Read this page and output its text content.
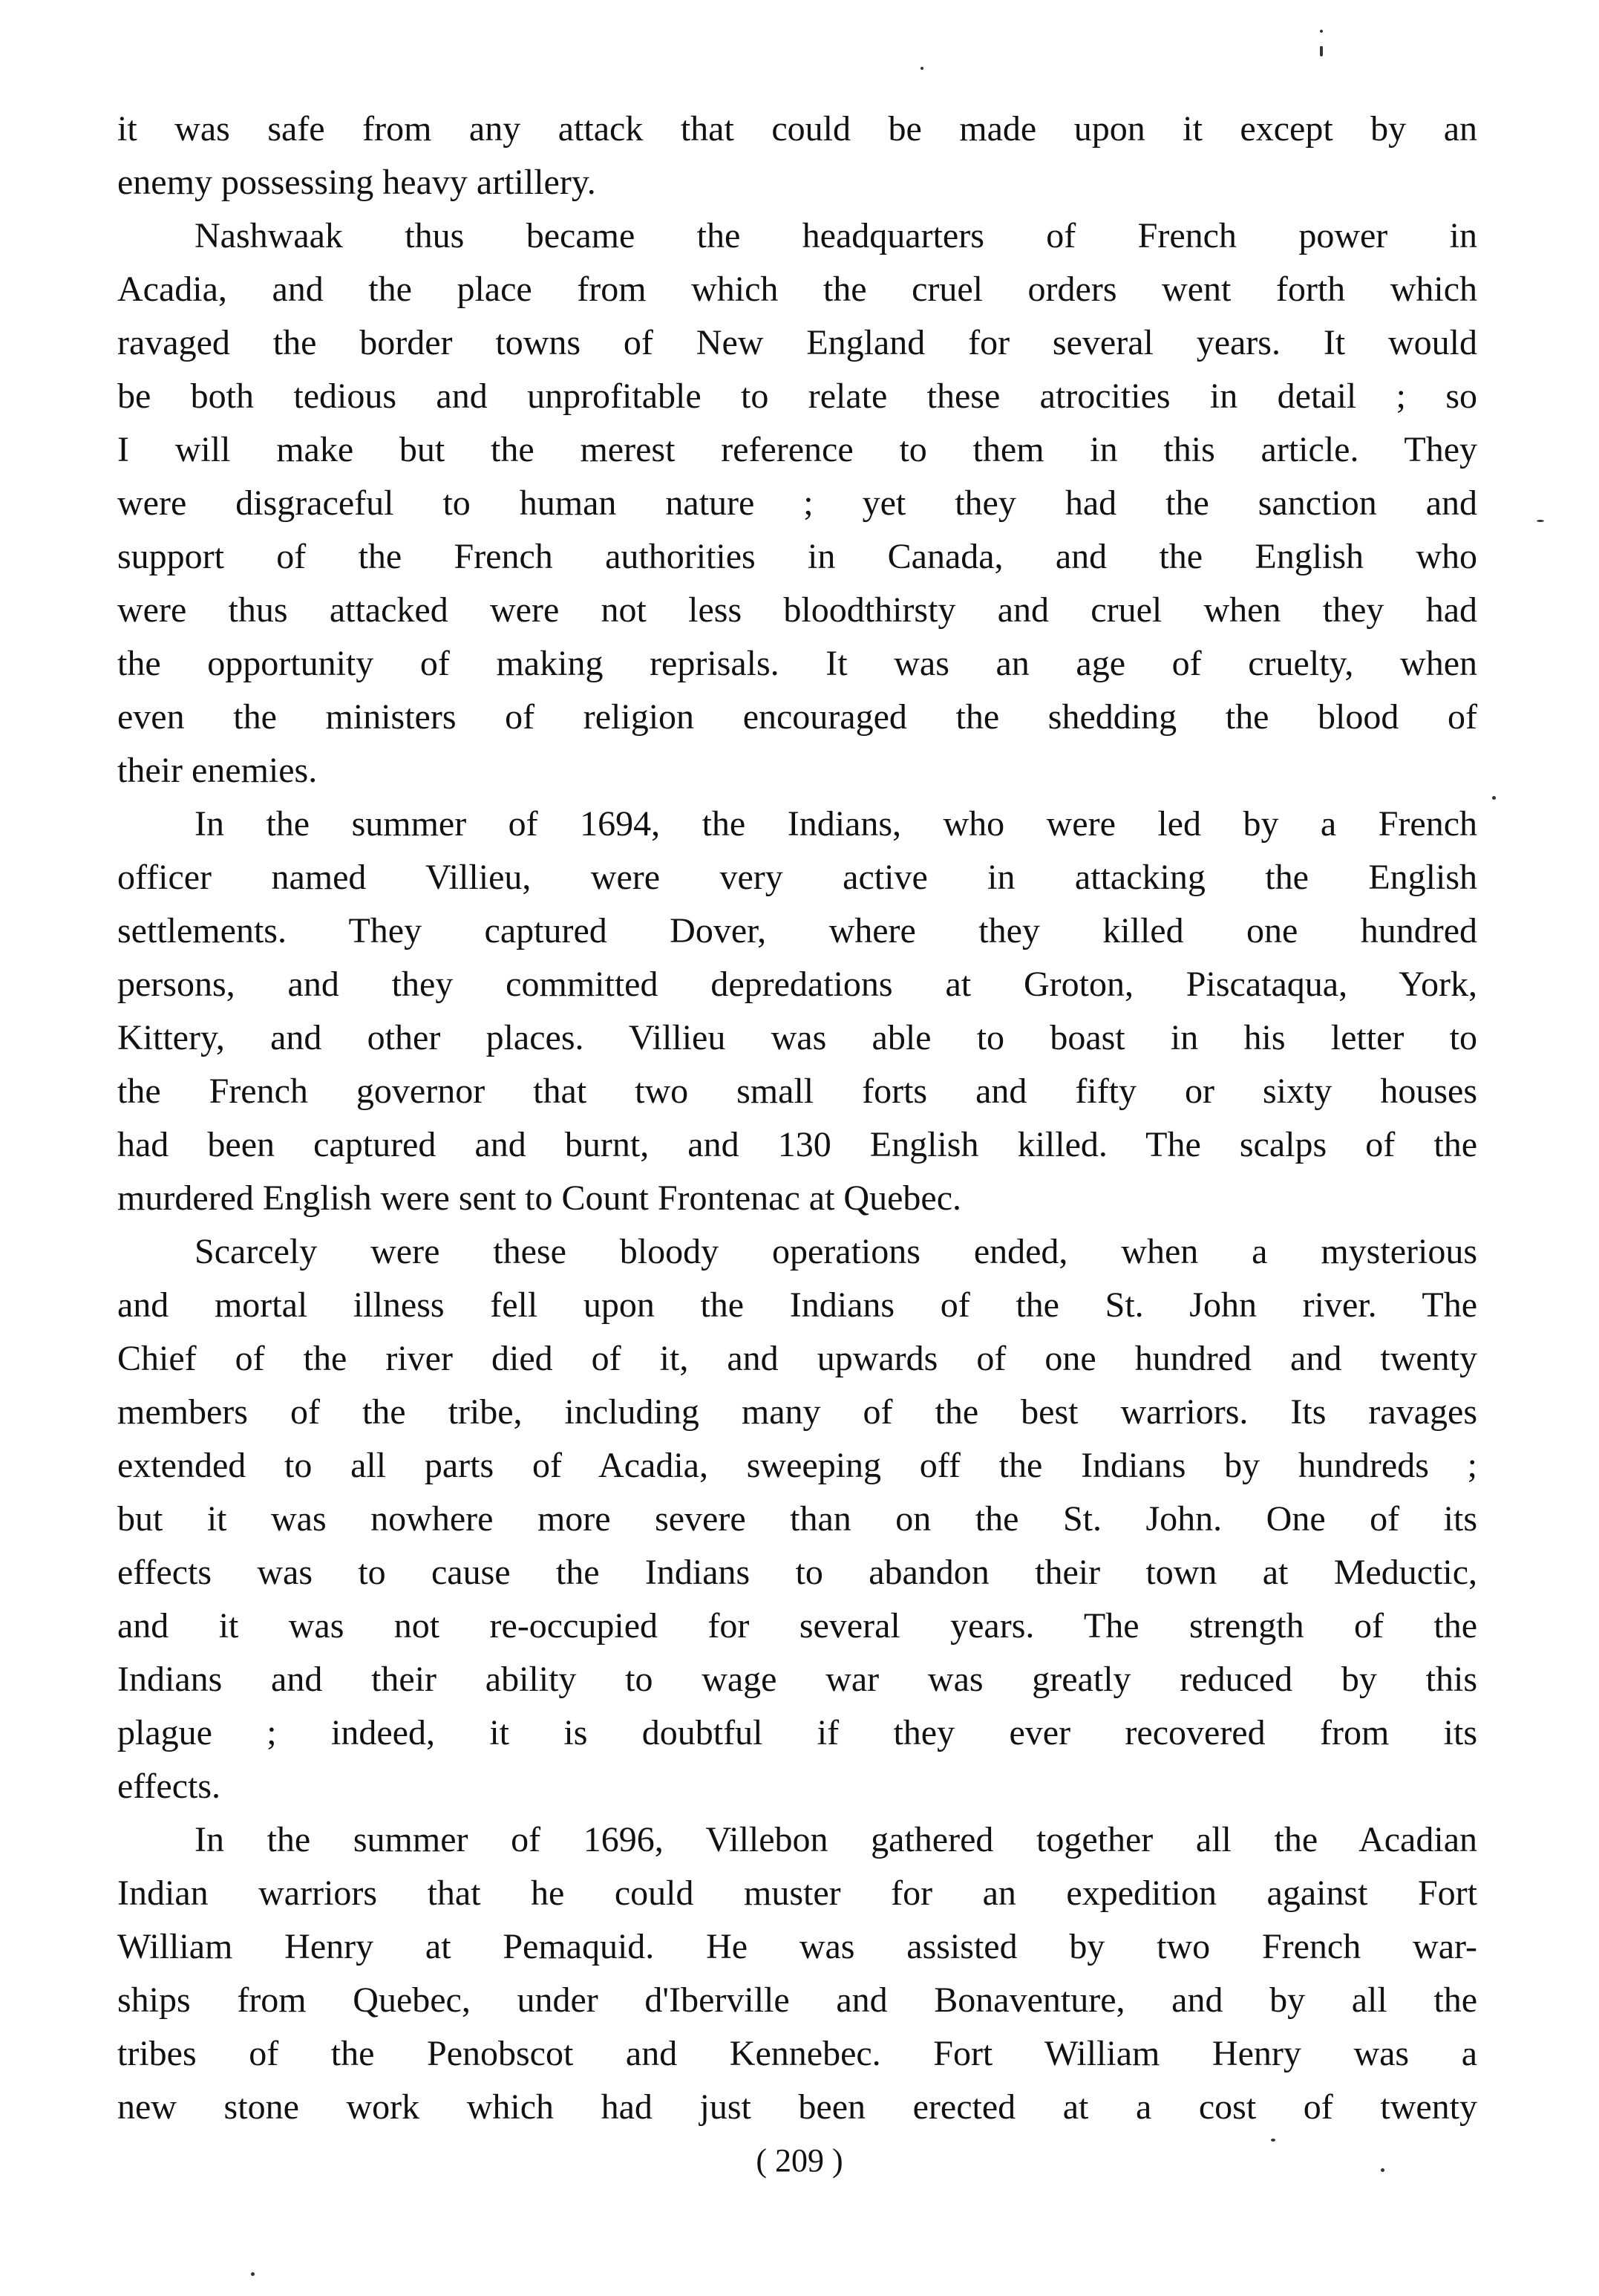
it was safe from any attack that could be made upon it except by an
enemy possessing heavy artillery.
Nashwaak thus became the headquarters of French power in
Acadia, and the place from which the cruel orders went forth which
ravaged the border towns of New England for several years. It would
be both tedious and unprofitable to relate these atrocities in detail ; so
I will make but the merest reference to them in this article. They
were disgraceful to human nature ; yet they had the sanction and
support of the French authorities in Canada, and the English who
were thus attacked were not less bloodthirsty and cruel when they had
the opportunity of making reprisals. It was an age of cruelty, when
even the ministers of religion encouraged the shedding the blood of
their enemies.
In the summer of 1694, the Indians, who were led by a French
officer named Villieu, were very active in attacking the English
settlements. They captured Dover, where they killed one hundred
persons, and they committed depredations at Groton, Piscataqua, York,
Kittery, and other places. Villieu was able to boast in his letter to
the French governor that two small forts and fifty or sixty houses
had been captured and burnt, and 130 English killed. The scalps of the
murdered English were sent to Count Frontenac at Quebec.
Scarcely were these bloody operations ended, when a mysterious
and mortal illness fell upon the Indians of the St. John river. The
Chief of the river died of it, and upwards of one hundred and twenty
members of the tribe, including many of the best warriors. Its ravages
extended to all parts of Acadia, sweeping off the Indians by hundreds ;
but it was nowhere more severe than on the St. John. One of its
effects was to cause the Indians to abandon their town at Meductic,
and it was not re-occupied for several years. The strength of the
Indians and their ability to wage war was greatly reduced by this
plague ; indeed, it is doubtful if they ever recovered from its
effects.
In the summer of 1696, Villebon gathered together all the Acadian
Indian warriors that he could muster for an expedition against Fort
William Henry at Pemaquid. He was assisted by two French war-
ships from Quebec, under d'Iberville and Bonaventure, and by all the
tribes of the Penobscot and Kennebec. Fort William Henry was a
new stone work which had just been erected at a cost of twenty
( 209 )
